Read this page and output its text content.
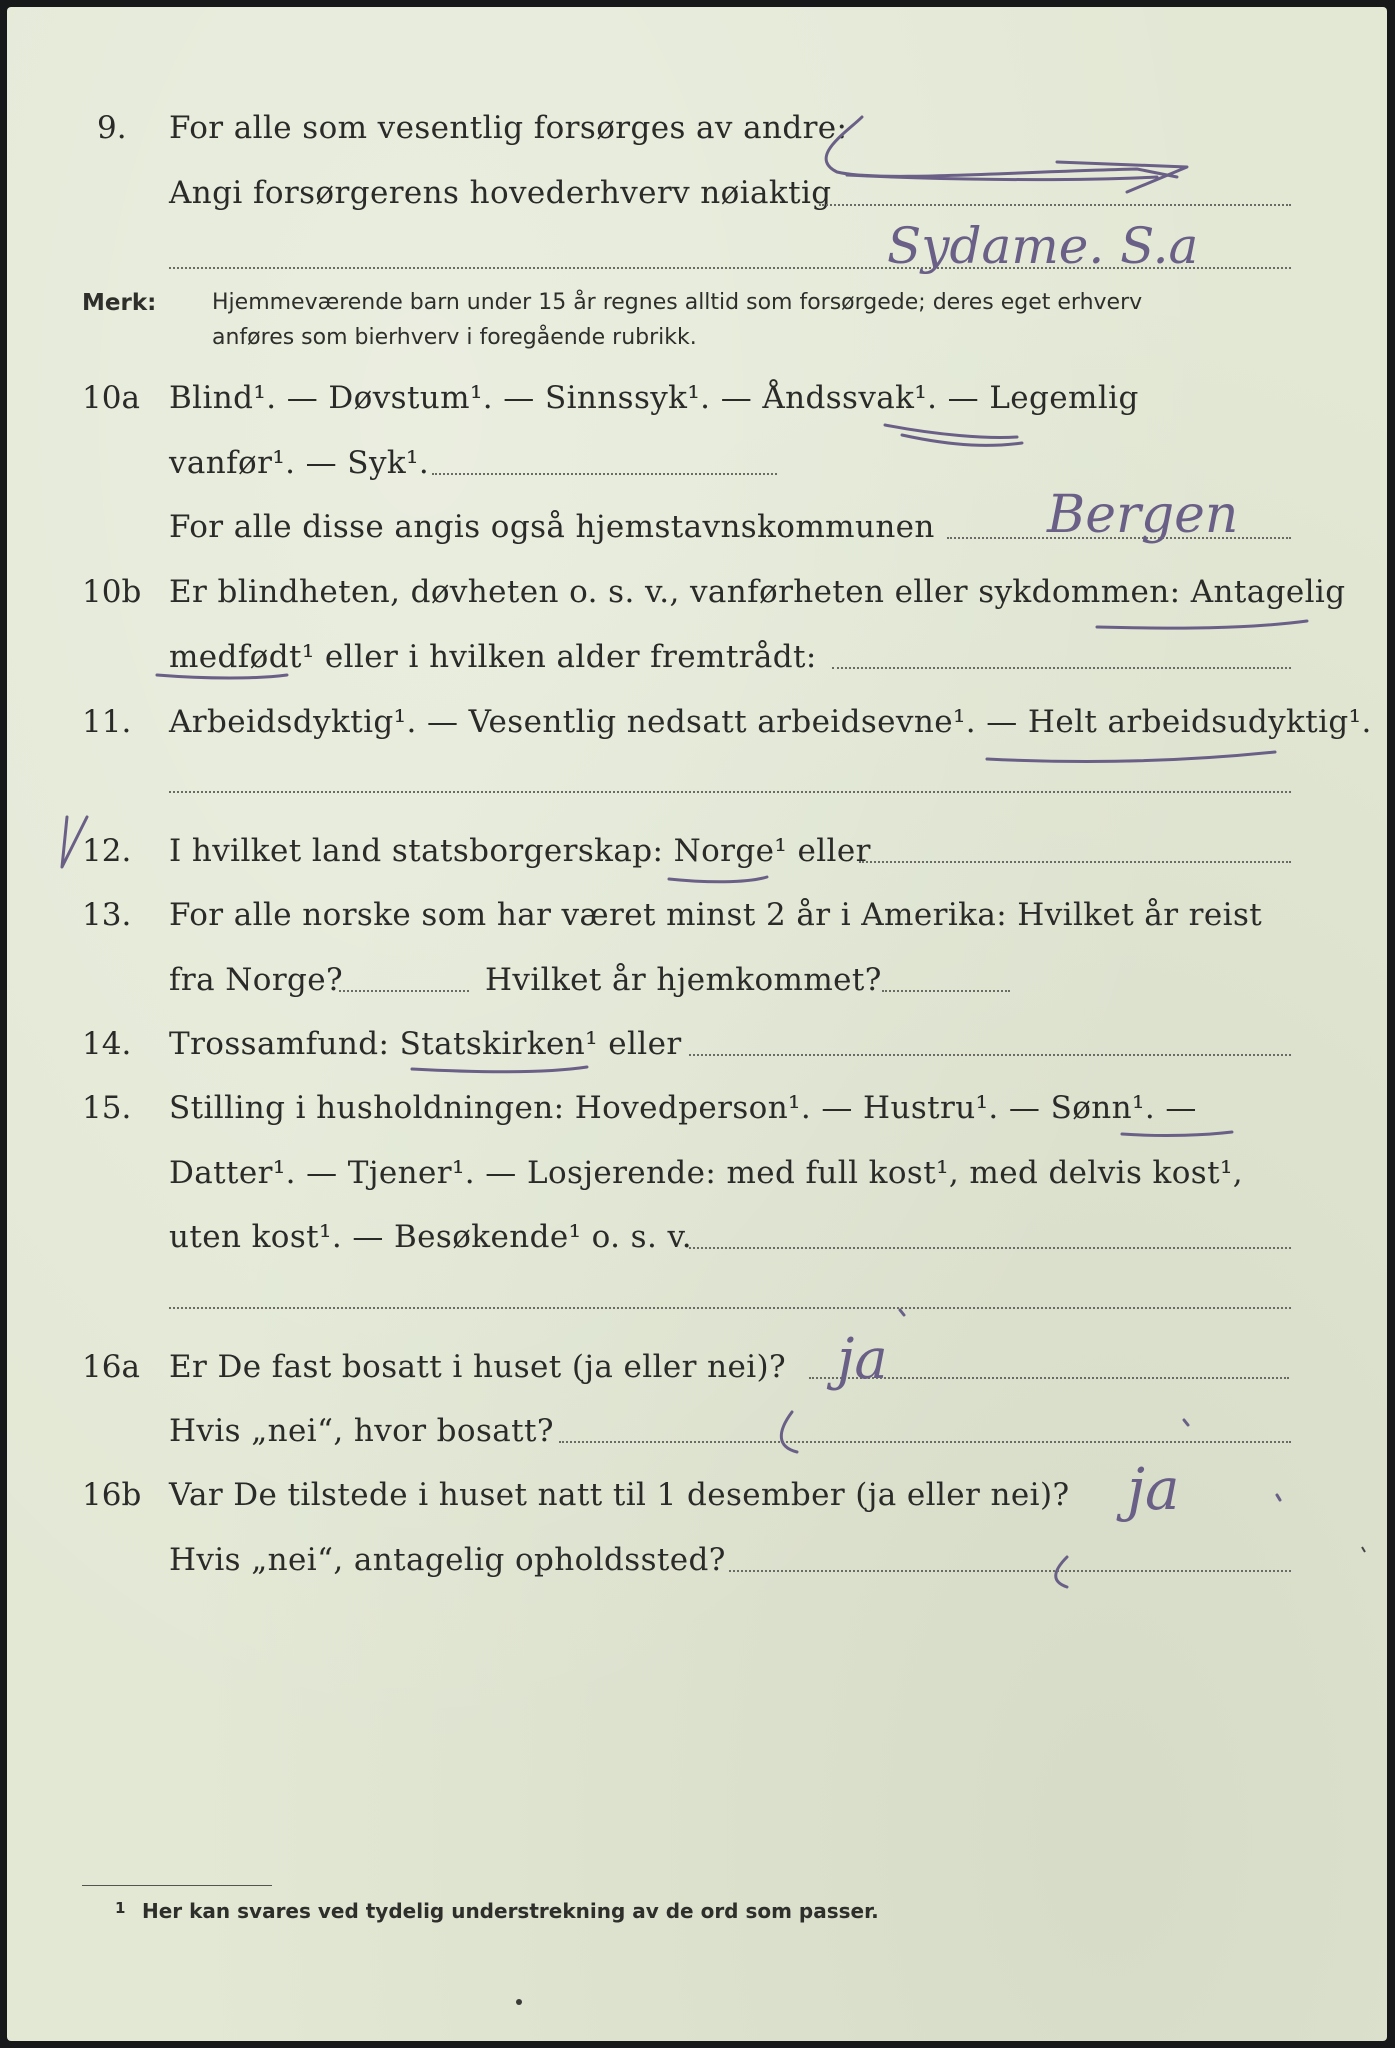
9. For alle som vesentlig forsørges av andre:
Angi forsørgerens hovederhverv nøiaktig
Sydame. S.a
Merk:	Hjemmeværende barn under 15 år regnes alltid som forsørgede; deres eget erhverv
anføres som bierhverv i foregående rubrikk.
10a Blind¹. — Døvstum¹. — Sinnssyk¹. — Åndssvak¹. — Legemlig
vanfør¹. — Syk¹.
For alle disse angis også hjemstavnskommunen Bergen
10b Er blindheten, døvheten o. s. v., vanførheten eller sykdommen: Antagelig
medfødt¹ eller i hvilken alder fremtrådt:
11. Arbeidsdyktig¹. — Vesentlig nedsatt arbeidsevne¹. — Helt arbeidsudyktig¹.
12. I hvilket land statsborgerskap: Norge¹ eller
13. For alle norske som har været minst 2 år i Amerika: Hvilket år reist
fra Norge?	Hvilket år hjemkommet?
14. Trossamfund: Statskirken¹ eller
15. Stilling i husholdningen: Hovedperson¹. — Hustru¹. — Sønn¹. —
Datter¹. — Tjener¹. — Losjerende: med full kost¹, med delvis kost¹,
uten kost¹. — Besøkende¹ o. s. v.
16a Er De fast bosatt i huset (ja eller nei)? ja
Hvis „nei“, hvor bosatt?
16b Var De tilstede i huset natt til 1 desember (ja eller nei)? ja
Hvis „nei“, antagelig opholdssted?
1 Her kan svares ved tydelig understrekning av de ord som passer.
